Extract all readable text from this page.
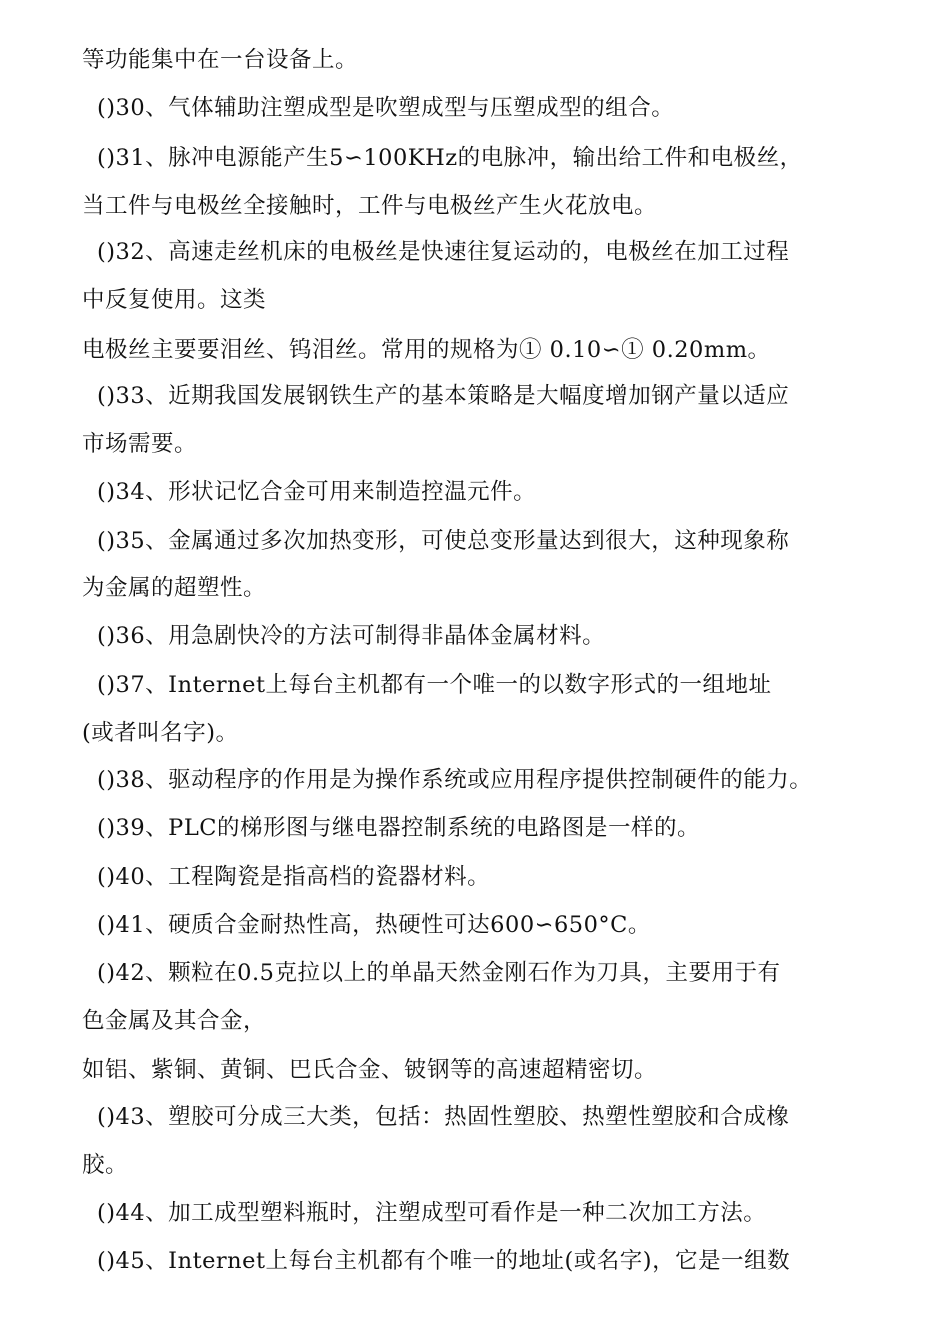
等功能集中在一台设备上。
()30、气体辅助注塑成型是吹塑成型与压塑成型的组合。
()31、脉冲电源能产生5∽100KHz的电脉冲，输出给工件和电极丝，
当工件与电极丝全接触时，工件与电极丝产生火花放电。
()32、高速走丝机床的电极丝是快速往复运动的，电极丝在加工过程
中反复使用。这类
电极丝主要要泪丝、钨泪丝。常用的规格为① 0.10∽① 0.20mm。
()33、近期我国发展钢铁生产的基本策略是大幅度增加钢产量以适应
市场需要。
()34、形状记忆合金可用来制造控温元件。
()35、金属通过多次加热变形，可使总变形量达到很大，这种现象称
为金属的超塑性。
()36、用急剧快冷的方法可制得非晶体金属材料。
()37、Internet上每台主机都有一个唯一的以数字形式的一组地址
(或者叫名字)。
()38、驱动程序的作用是为操作系统或应用程序提供控制硬件的能力。
()39、PLC的梯形图与继电器控制系统的电路图是一样的。
()40、工程陶瓷是指高档的瓷器材料。
()41、硬质合金耐热性高，热硬性可达600∽650°C。
()42、颗粒在0.5克拉以上的单晶天然金刚石作为刀具，主要用于有
色金属及其合金，
如铝、紫铜、黄铜、巴氏合金、铍钢等的高速超精密切。
()43、塑胶可分成三大类，包括：热固性塑胶、热塑性塑胶和合成橡
胶。
()44、加工成型塑料瓶时，注塑成型可看作是一种二次加工方法。
()45、Internet上每台主机都有个唯一的地址(或名字)，它是一组数
